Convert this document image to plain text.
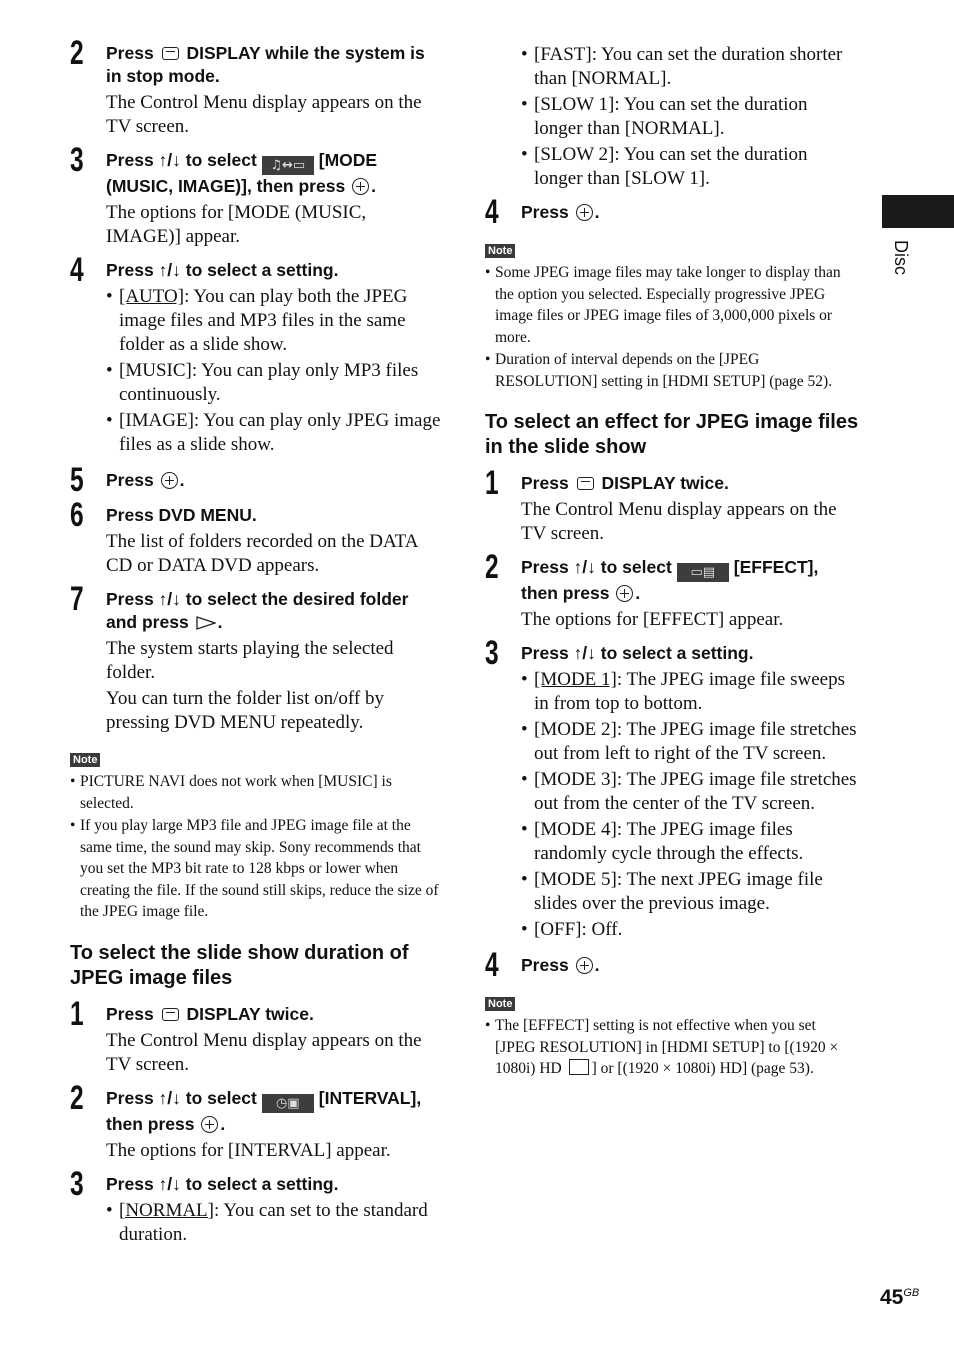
Disc
2	Press DISPLAY while the system is in stop mode.
The Control Menu display appears on the TV screen.
3	Press ↑/↓ to select ♫↔▭ [MODE (MUSIC, IMAGE)], then press .
The options for [MODE (MUSIC, IMAGE)] appear.
4	Press ↑/↓ to select a setting.
• [AUTO]: You can play both the JPEG image files and MP3 files in the same folder as a slide show.
• [MUSIC]: You can play only MP3 files continuously.
• [IMAGE]: You can play only JPEG image files as a slide show.
5	Press .
6	Press DVD MENU.
The list of folders recorded on the DATA CD or DATA DVD appears.
7	Press ↑/↓ to select the desired folder and press .
The system starts playing the selected folder.
You can turn the folder list on/off by pressing DVD MENU repeatedly.
Note
• PICTURE NAVI does not work when [MUSIC] is selected.
• If you play large MP3 file and JPEG image file at the same time, the sound may skip. Sony recommends that you set the MP3 bit rate to 128 kbps or lower when creating the file. If the sound still skips, reduce the size of the JPEG image file.
To select the slide show duration of JPEG image files
1	Press DISPLAY twice.
The Control Menu display appears on the TV screen.
2	Press ↑/↓ to select ◷▣ [INTERVAL], then press .
The options for [INTERVAL] appear.
3	Press ↑/↓ to select a setting.
• [NORMAL]: You can set to the standard duration.
• [FAST]: You can set the duration shorter than [NORMAL].
• [SLOW 1]: You can set the duration longer than [NORMAL].
• [SLOW 2]: You can set the duration longer than [SLOW 1].
4	Press .
Note
• Some JPEG image files may take longer to display than the option you selected. Especially progressive JPEG image files or JPEG image files of 3,000,000 pixels or more.
• Duration of interval depends on the [JPEG RESOLUTION] setting in [HDMI SETUP] (page 52).
To select an effect for JPEG image files in the slide show
1	Press DISPLAY twice.
The Control Menu display appears on the TV screen.
2	Press ↑/↓ to select ▭▤ [EFFECT], then press .
The options for [EFFECT] appear.
3	Press ↑/↓ to select a setting.
• [MODE 1]: The JPEG image file sweeps in from top to bottom.
• [MODE 2]: The JPEG image file stretches out from left to right of the TV screen.
• [MODE 3]: The JPEG image file stretches out from the center of the TV screen.
• [MODE 4]: The JPEG image files randomly cycle through the effects.
• [MODE 5]: The next JPEG image file slides over the previous image.
• [OFF]: Off.
4	Press .
Note
• The [EFFECT] setting is not effective when you set [JPEG RESOLUTION] in [HDMI SETUP] to [(1920 × 1080i) HD ] or [(1920 × 1080i) HD] (page 53).
$45^{GB}$
